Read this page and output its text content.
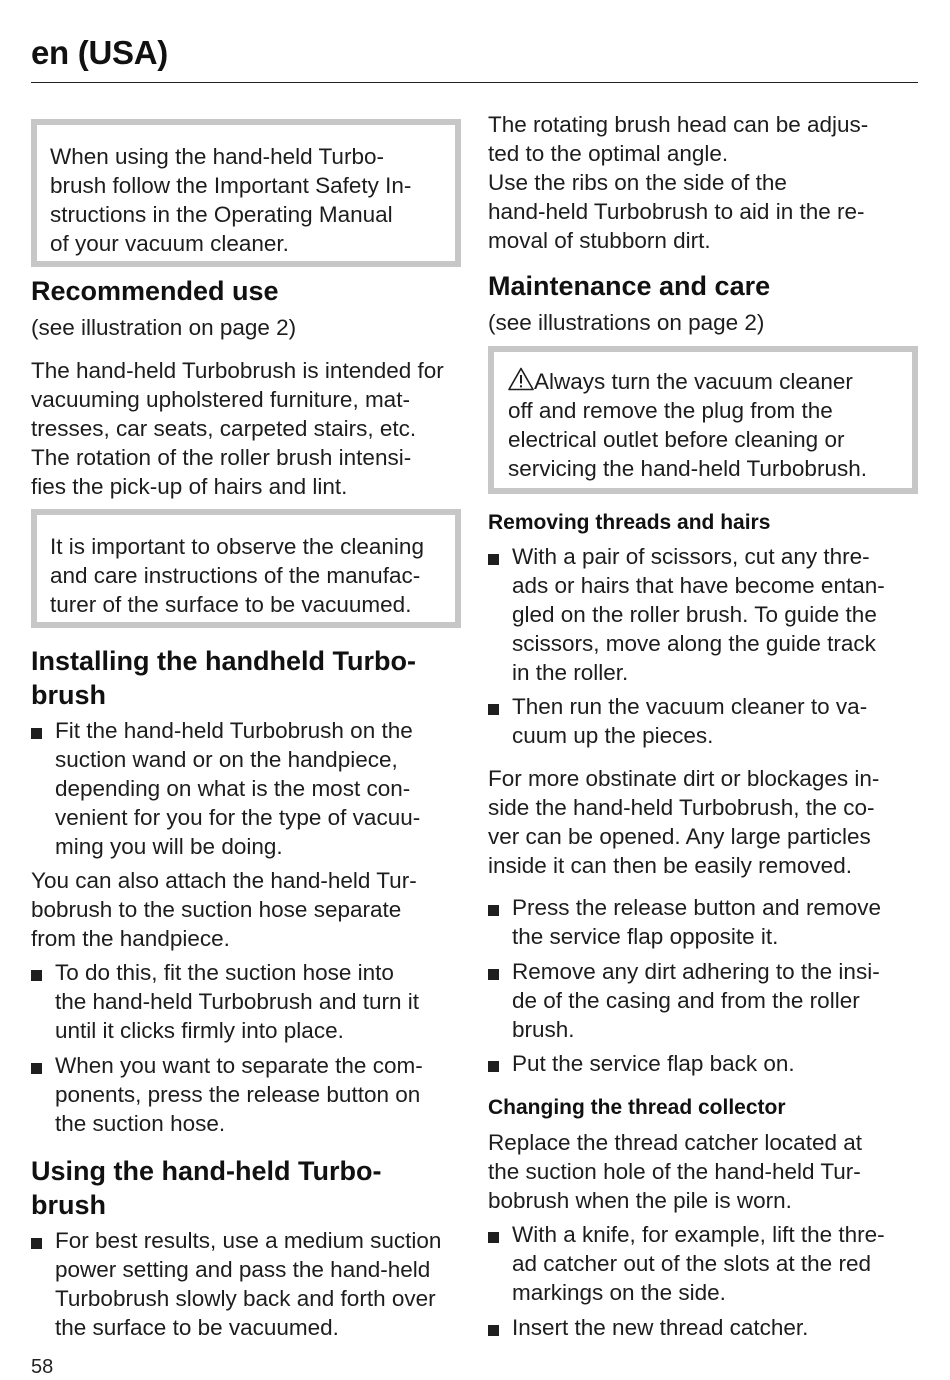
en (USA)
When using the hand-held Turbo-
brush follow the Important Safety In-
structions in the Operating Manual
of your vacuum cleaner.
Recommended use
(see illustration on page 2)
The hand-held Turbobrush is intended for
vacuuming upholstered furniture, mat-
tresses, car seats, carpeted stairs, etc.
The rotation of the roller brush intensi-
fies the pick-up of hairs and lint.
It is important to observe the cleaning
and care instructions of the manufac-
turer of the surface to be vacuumed.
Installing the handheld Turbo-
brush
Fit the hand-held Turbobrush on the
suction wand or on the handpiece,
depending on what is the most con-
venient for you for the type of vacuu-
ming you will be doing.
You can also attach the hand-held Tur-
bobrush to the suction hose separate
from the handpiece.
To do this, fit the suction hose into
the hand-held Turbobrush and turn it
until it clicks firmly into place.
When you want to separate the com-
ponents, press the release button on
the suction hose.
Using the hand-held Turbo-
brush
For best results, use a medium suction
power setting and pass the hand-held
Turbobrush slowly back and forth over
the surface to be vacuumed.
The rotating brush head can be adjus-
ted to the optimal angle.
Use the ribs on the side of the
hand-held Turbobrush to aid in the re-
moval of stubborn dirt.
Maintenance and care
(see illustrations on page 2)
Always turn the vacuum cleaner
off and remove the plug from the
electrical outlet before cleaning or
servicing the hand-held Turbobrush.
Removing threads and hairs
With a pair of scissors, cut any thre-
ads or hairs that have become entan-
gled on the roller brush. To guide the
scissors, move along the guide track
in the roller.
Then run the vacuum cleaner to va-
cuum up the pieces.
For more obstinate dirt or blockages in-
side the hand-held Turbobrush, the co-
ver can be opened. Any large particles
inside it can then be easily removed.
Press the release button and remove
the service flap opposite it.
Remove any dirt adhering to the insi-
de of the casing and from the roller
brush.
Put the service flap back on.
Changing the thread collector
Replace the thread catcher located at
the suction hole of the hand-held Tur-
bobrush when the pile is worn.
With a knife, for example, lift the thre-
ad catcher out of the slots at the red
markings on the side.
Insert the new thread catcher.
58
